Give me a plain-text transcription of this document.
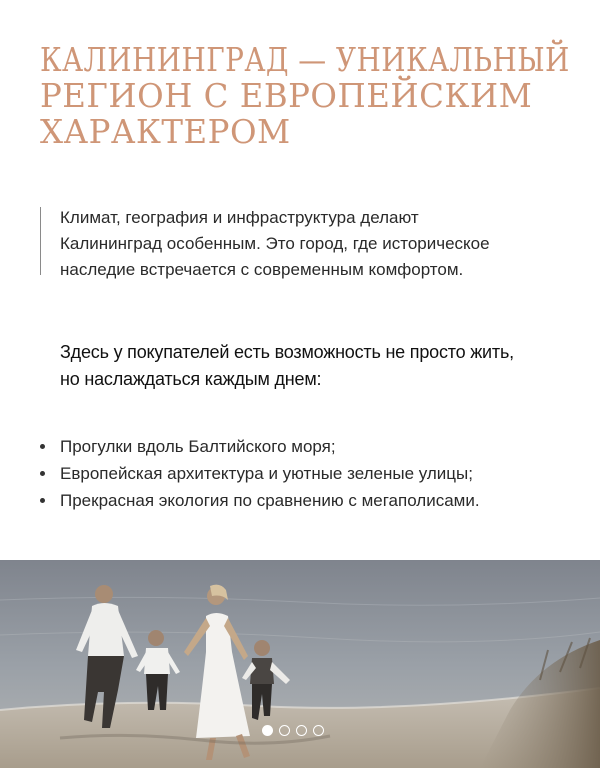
КАЛИНИНГРАД — УНИКАЛЬНЫЙ
РЕГИОН С ЕВРОПЕЙСКИМ
ХАРАКТЕРОМ

Климат, география и инфраструктура делают
Калининград особенным. Это город, где историческое
наследие встречается с современным комфортом.

Здесь у покупателей есть возможность не просто жить,
но наслаждаться каждым днем:

Прогулки вдоль Балтийского моря;
Европейская архитектура и уютные зеленые улицы;
Прекрасная экология по сравнению с мегаполисами.
